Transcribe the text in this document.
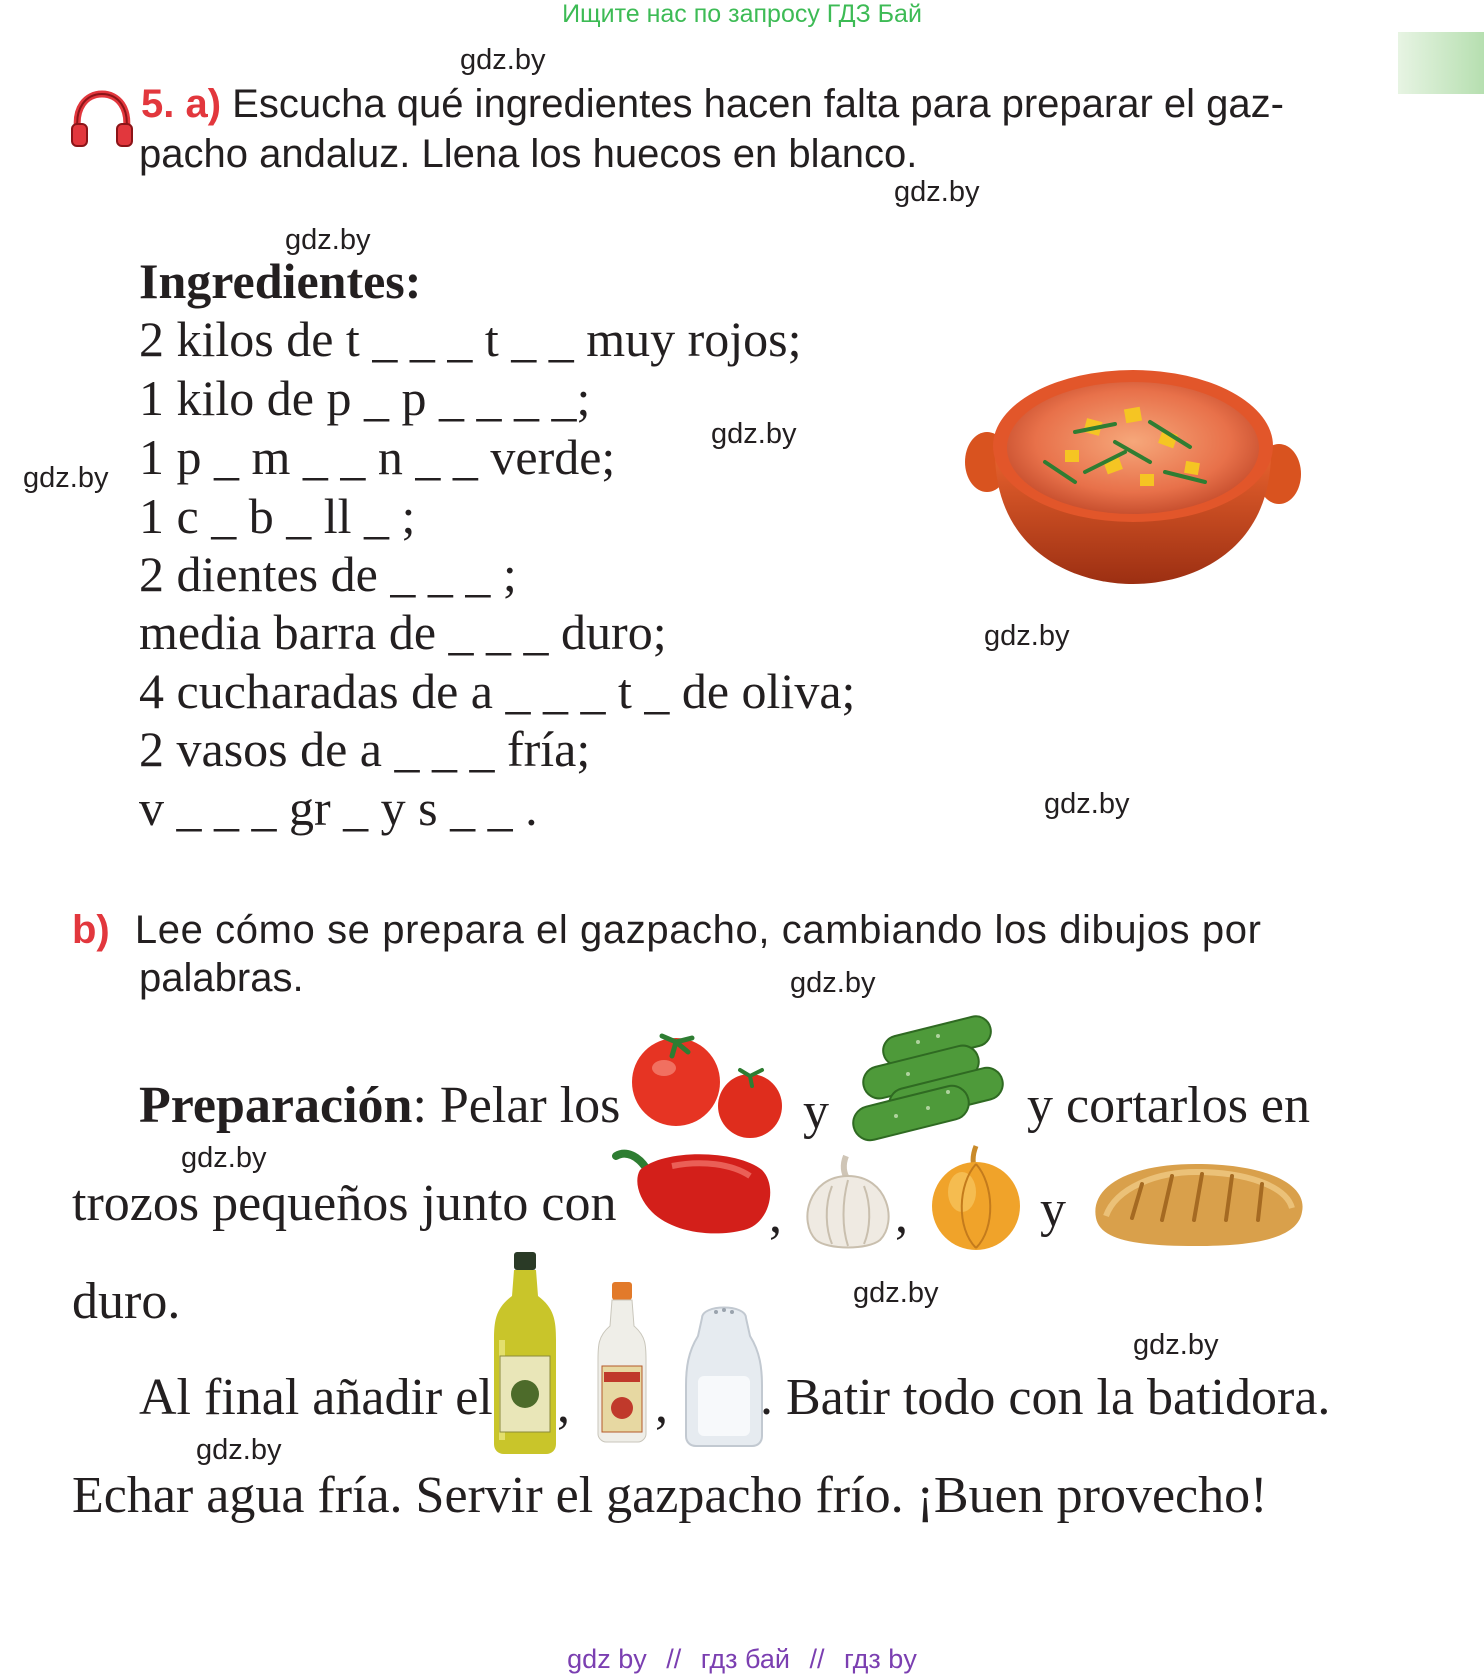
Ищите нас по запросу ГДЗ Бай
gdz.by
gdz.by
gdz.by
gdz.by
gdz.by
gdz.by
gdz.by
gdz.by
gdz.by
gdz.by
gdz.by
gdz.by
5. a) Escucha qué ingredientes hacen falta para preparar el gaz-
pacho andaluz. Llena los huecos en blanco.
Ingredientes:
2 kilos de t _ _ _ t _ _ muy rojos;
1 kilo de p _ p _ _ _ _;
1 p _ m _ _ n _ _ verde;
1 c _ b _ ll _ ;
2 dientes de _ _ _ ;
media barra de _ _ _ duro;
4 cucharadas de a _ _ _ t _ de oliva;
2 vasos de a _ _ _ fría;
v _ _ _ gr _ y s _ _ .
b) Lee cómo se prepara el gazpacho, cambiando los dibujos por
palabras.
Preparación: Pelar los	y	y cortarlos en
trozos pequeños junto con	, ,	y
duro.
Al final añadir el , , . Batir todo con la batidora.
Echar agua fría. Servir el gazpacho frío. ¡Buen provecho!
gdz by // гдз бай // гдз by
